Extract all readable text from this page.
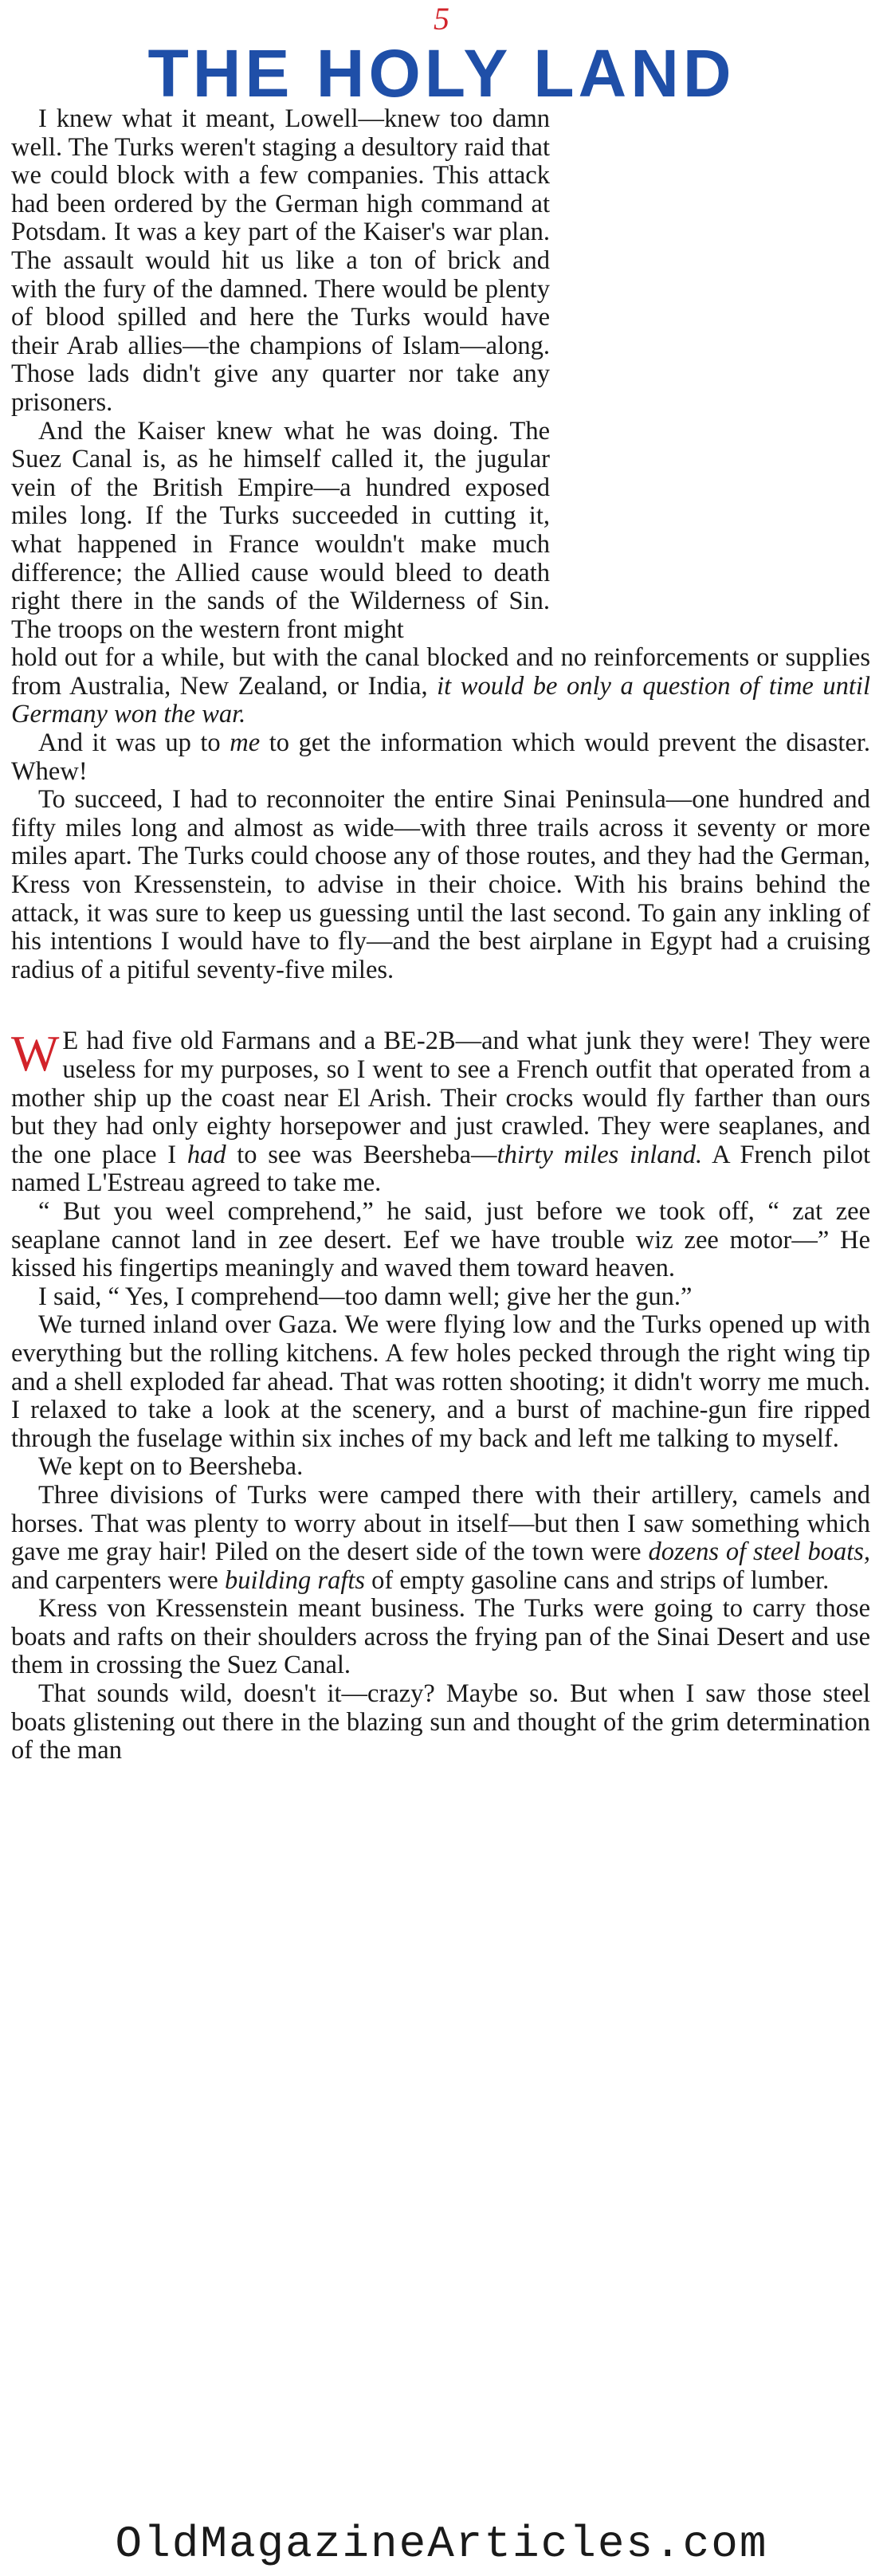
5
THE HOLY LAND

I knew what it meant, Lowell—knew too damn well. The Turks weren't staging a desultory raid that we could block with a few companies. This attack had been ordered by the German high command at Potsdam. It was a key part of the Kaiser's war plan. The assault would hit us like a ton of brick and with the fury of the damned. There would be plenty of blood spilled and here the Turks would have their Arab allies—the champions of Islam—along. Those lads didn't give any quarter nor take any prisoners.

And the Kaiser knew what he was doing. The Suez Canal is, as he himself called it, the jugular vein of the British Empire—a hundred exposed miles long. If the Turks succeeded in cutting it, what happened in France wouldn't make much difference; the Allied cause would bleed to death right there in the sands of the Wilderness of Sin. The troops on the western front might

hold out for a while, but with the canal blocked and no reinforcements or supplies from Australia, New Zealand, or India, it would be only a question of time until Germany won the war.

And it was up to me to get the information which would prevent the disaster. Whew!

To succeed, I had to reconnoiter the entire Sinai Peninsula—one hundred and fifty miles long and almost as wide—with three trails across it seventy or more miles apart. The Turks could choose any of those routes, and they had the German, Kress von Kressenstein, to advise in their choice. With his brains behind the attack, it was sure to keep us guessing until the last second. To gain any inkling of his intentions I would have to fly—and the best airplane in Egypt had a cruising radius of a pitiful seventy-five miles.

W E had five old Farmans and a BE-2B—and what junk they were! They were useless for my purposes, so I went to see a French outfit that operated from a mother ship up the coast near El Arish. Their crocks would fly farther than ours but they had only eighty horsepower and just crawled. They were seaplanes, and the one place I had to see was Beersheba—thirty miles inland. A French pilot named L'Estreau agreed to take me.

“ But you weel comprehend,” he said, just before we took off, “ zat zee seaplane cannot land in zee desert. Eef we have trouble wiz zee motor—” He kissed his fingertips meaningly and waved them toward heaven.

I said, “ Yes, I comprehend—too damn well; give her the gun.”

We turned inland over Gaza. We were flying low and the Turks opened up with everything but the rolling kitchens. A few holes pecked through the right wing tip and a shell exploded far ahead. That was rotten shooting; it didn't worry me much. I relaxed to take a look at the scenery, and a burst of machine-gun fire ripped through the fuselage within six inches of my back and left me talking to myself.

We kept on to Beersheba.

Three divisions of Turks were camped there with their artillery, camels and horses. That was plenty to worry about in itself—but then I saw something which gave me gray hair! Piled on the desert side of the town were dozens of steel boats, and carpenters were building rafts of empty gasoline cans and strips of lumber.

Kress von Kressenstein meant business. The Turks were going to carry those boats and rafts on their shoulders across the frying pan of the Sinai Desert and use them in crossing the Suez Canal.

That sounds wild, doesn't it—crazy? Maybe so. But when I saw those steel boats glistening out there in the blazing sun and thought of the grim determination of the man

OldMagazineArticles.com
